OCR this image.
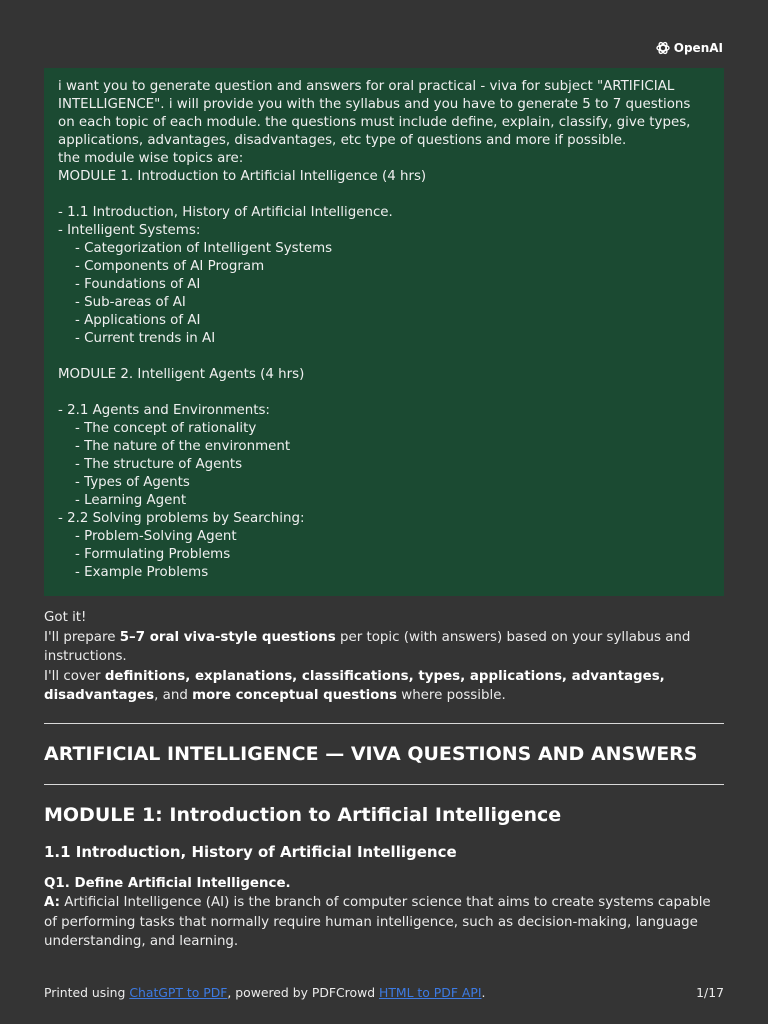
OpenAI
i want you to generate question and answers for oral practical - viva for subject "ARTIFICIAL INTELLIGENCE". i will provide you with the syllabus and you have to generate 5 to 7 questions on each topic of each module. the questions must include define, explain, classify, give types, applications, advantages, disadvantages, etc type of questions and more if possible.
the module wise topics are:
MODULE 1. Introduction to Artificial Intelligence (4 hrs)

- 1.1 Introduction, History of Artificial Intelligence.
- Intelligent Systems:
- Categorization of Intelligent Systems
- Components of AI Program
- Foundations of AI
- Sub-areas of AI
- Applications of AI
- Current trends in AI

MODULE 2. Intelligent Agents (4 hrs)

- 2.1 Agents and Environments:
- The concept of rationality
- The nature of the environment
- The structure of Agents
- Types of Agents
- Learning Agent
- 2.2 Solving problems by Searching:
- Problem-Solving Agent
- Formulating Problems
- Example Problems

Got it!

I'll prepare 5–7 oral viva-style questions per topic (with answers) based on your syllabus and instructions.

I'll cover definitions, explanations, classifications, types, applications, advantages, disadvantages, and more conceptual questions where possible.

ARTIFICIAL INTELLIGENCE — VIVA QUESTIONS AND ANSWERS
MODULE 1: Introduction to Artificial Intelligence
1.1 Introduction, History of Artificial Intelligence

Q1. Define Artificial Intelligence.

A: Artificial Intelligence (AI) is the branch of computer science that aims to create systems capable of performing tasks that normally require human intelligence, such as decision-making, language understanding, and learning.

Printed using ChatGPT to PDF, powered by PDFCrowd HTML to PDF API.	1/17
